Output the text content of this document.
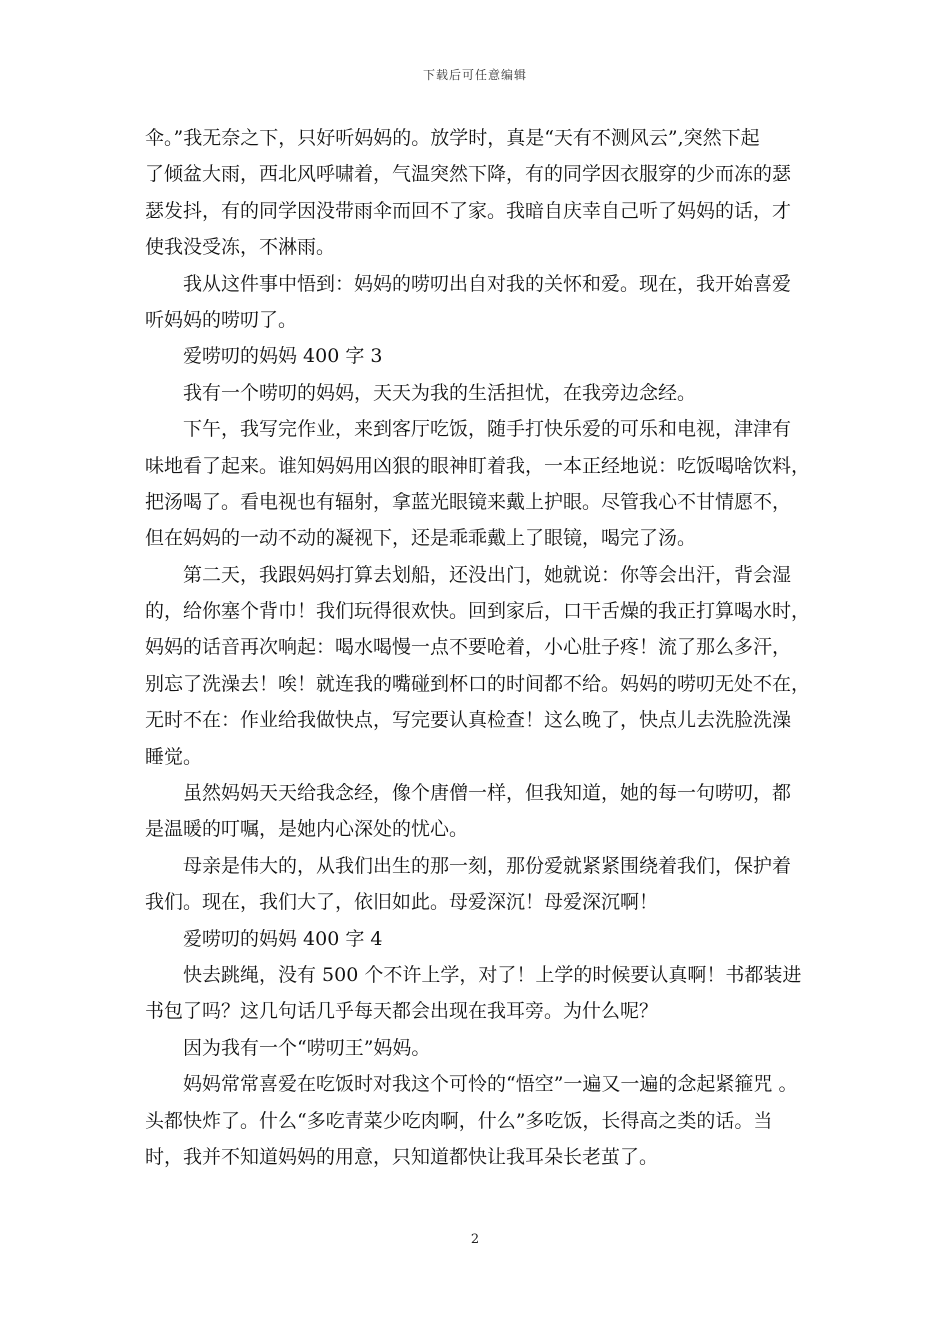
下载后可任意编辑
伞。”我无奈之下，只好听妈妈的。放学时，真是“天有不测风云”,突然下起
了倾盆大雨，西北风呼啸着，气温突然下降，有的同学因衣服穿的少而冻的瑟
瑟发抖，有的同学因没带雨伞而回不了家。我暗自庆幸自己听了妈妈的话，才
使我没受冻，不淋雨。
我从这件事中悟到：妈妈的唠叨出自对我的关怀和爱。现在，我开始喜爱
听妈妈的唠叨了。
爱唠叨的妈妈 400 字 3
我有一个唠叨的妈妈，天天为我的生活担忧，在我旁边念经。
下午，我写完作业，来到客厅吃饭，随手打快乐爱的可乐和电视，津津有
味地看了起来。谁知妈妈用凶狠的眼神盯着我，一本正经地说：吃饭喝啥饮料，
把汤喝了。看电视也有辐射，拿蓝光眼镜来戴上护眼。尽管我心不甘情愿不，
但在妈妈的一动不动的凝视下，还是乖乖戴上了眼镜，喝完了汤。
第二天，我跟妈妈打算去划船，还没出门，她就说：你等会出汗，背会湿
的，给你塞个背巾！我们玩得很欢快。回到家后，口干舌燥的我正打算喝水时，
妈妈的话音再次响起：喝水喝慢一点不要呛着，小心肚子疼！流了那么多汗，
别忘了洗澡去！唉！就连我的嘴碰到杯口的时间都不给。妈妈的唠叨无处不在，
无时不在：作业给我做快点，写完要认真检查！这么晚了，快点儿去洗脸洗澡
睡觉。
虽然妈妈天天给我念经，像个唐僧一样，但我知道，她的每一句唠叨，都
是温暖的叮嘱，是她内心深处的忧心。
母亲是伟大的，从我们出生的那一刻，那份爱就紧紧围绕着我们，保护着
我们。现在，我们大了，依旧如此。母爱深沉！母爱深沉啊！
爱唠叨的妈妈 400 字 4
快去跳绳，没有 500 个不许上学，对了！上学的时候要认真啊！书都装进
书包了吗？这几句话几乎每天都会出现在我耳旁。为什么呢？
因为我有一个“唠叨王”妈妈。
妈妈常常喜爱在吃饭时对我这个可怜的“悟空”一遍又一遍的念起紧箍咒 。
头都快炸了。什么“多吃青菜少吃肉啊，什么”多吃饭，长得高之类的话。当
时，我并不知道妈妈的用意，只知道都快让我耳朵长老茧了。
2
